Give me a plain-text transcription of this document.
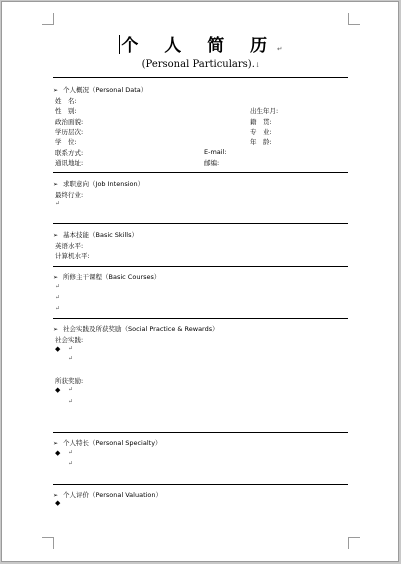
个 人 简 历↵
(Personal Particulars).↓
➢ 个人概况（Personal Data）
姓　名:
性　别:
政治面貌:
学历层次:
学　位:
联系方式:
通讯地址:
出生年月:
籍　贯:
专　业:
年　龄:
E-mail:
邮编:
➢ 求职意向（Job Intension）
最终行业:
↵
➢ 基本技能（Basic Skills）
英语水平:
计算机水平:
➢ 所修主干课程（Basic Courses）
↵
↵
↵
➢ 社会实践及所获奖励（Social Practice & Rewards）
社会实践:
◆ ↵
↵
所获奖励:
◆ ↵
↵
➢ 个人特长（Personal Specialty）
◆ ↵
↵
➢ 个人评价（Personal Valuation）
◆
